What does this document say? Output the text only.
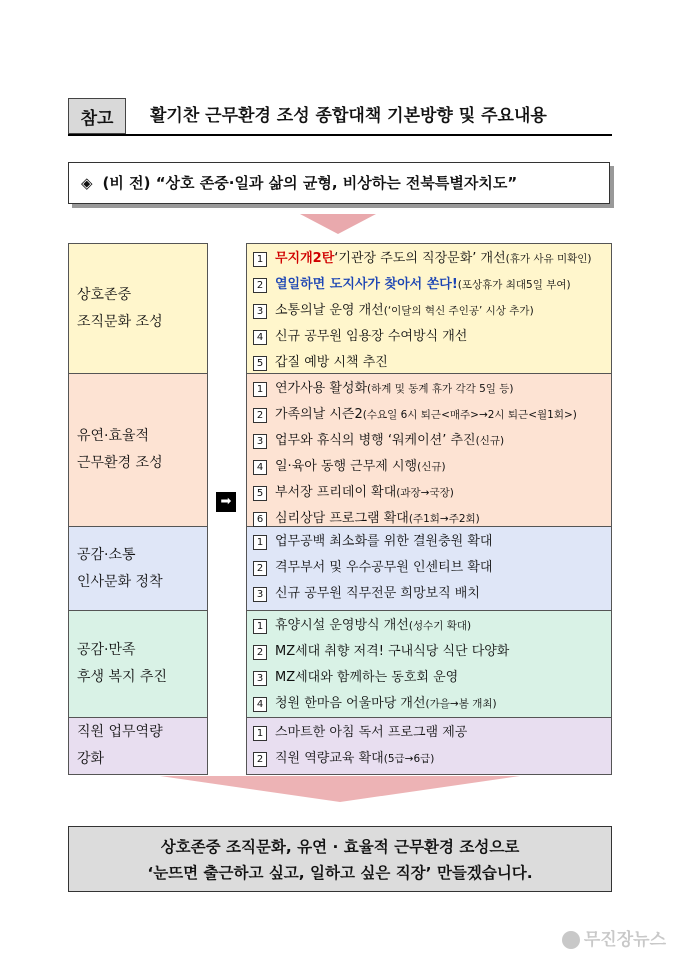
참고	활기찬 근무환경 조성 종합대책 기본방향 및 주요내용
◈ (비 전) “상호 존중·일과 삶의 균형, 비상하는 전북특별자치도”
상호존중
조직문화 조성
유연·효율적
근무환경 조성
공감·소통
인사문화 정착
공감·만족
후생 복지 추진
직원 업무역량
강화
➡
1 무지개2탄 ‘기관장 주도의 직장문화’ 개선 (휴가 사유 미확인)
2 열일하면 도지사가 찾아서 쏜다! (포상휴가 최대5일 부여)
3 소통의날 운영 개선 (‘이달의 혁신 주인공’ 시상 추가)
4 신규 공무원 임용장 수여방식 개선
5 갑질 예방 시책 추진
1 연가사용 활성화 (하계 및 동계 휴가 각각 5일 등)
2 가족의날 시즌2 (수요일 6시 퇴근<매주>→2시 퇴근<월1회>)
3 업무와 휴식의 병행 ‘워케이션’ 추진 (신규)
4 일·육아 동행 근무제 시행 (신규)
5 부서장 프리데이 확대 (과장→국장)
6 심리상담 프로그램 확대 (주1회→주2회)
1 업무공백 최소화를 위한 결원충원 확대
2 격무부서 및 우수공무원 인센티브 확대
3 신규 공무원 직무전문 희망보직 배치
1 휴양시설 운영방식 개선 (성수기 확대)
2 MZ세대 취향 저격! 구내식당 식단 다양화
3 MZ세대와 함께하는 동호회 운영
4 청원 한마음 어울마당 개선 (가을→봄 개최)
1 스마트한 아침 독서 프로그램 제공
2 직원 역량교육 확대 (5급→6급)
상호존중 조직문화, 유연 · 효율적 근무환경 조성으로
‘눈뜨면 출근하고 싶고, 일하고 싶은 직장’ 만들겠습니다.
무진장뉴스
